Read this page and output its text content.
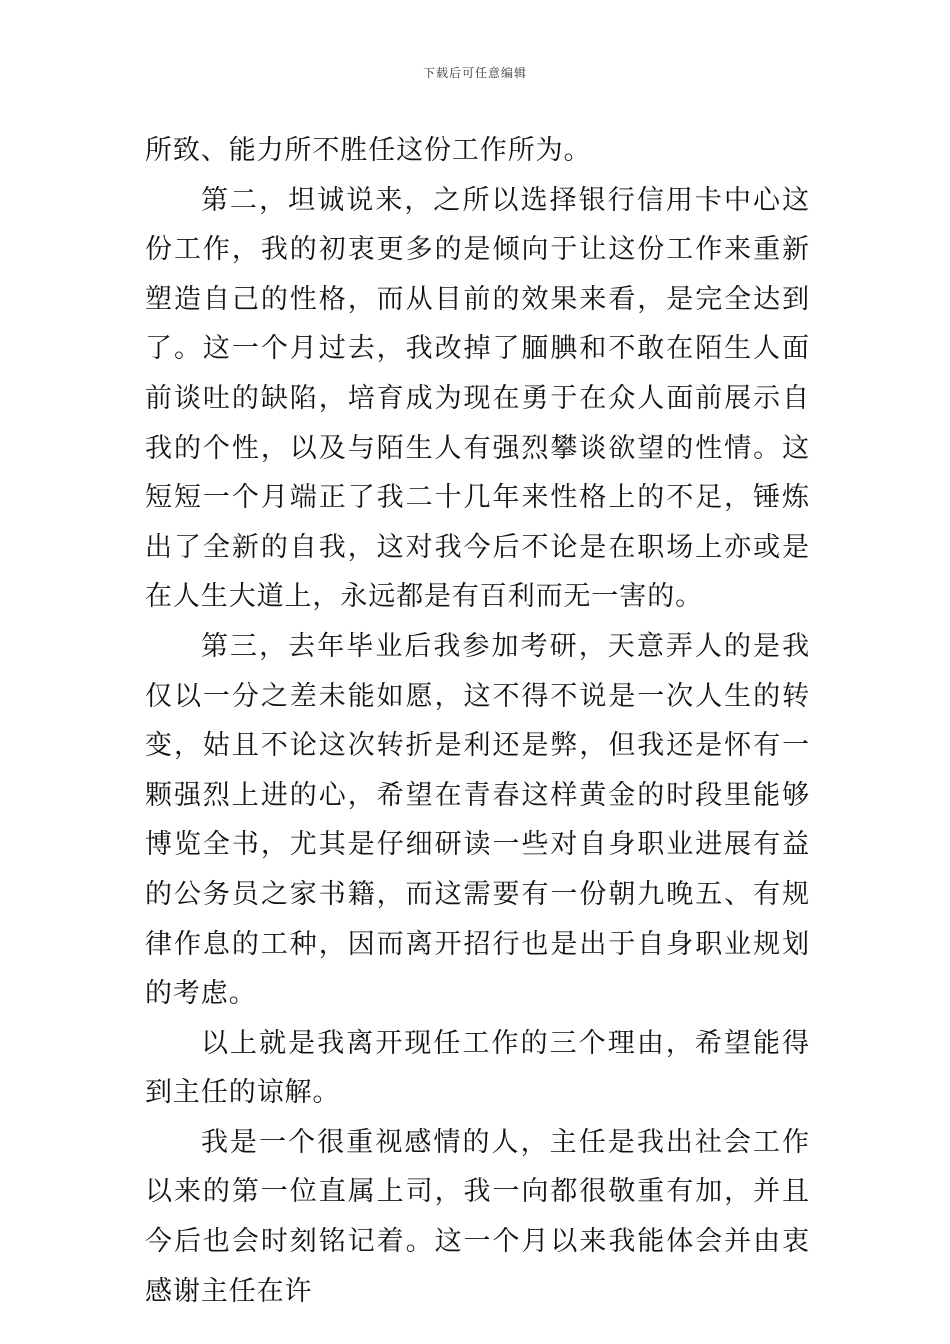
下载后可任意编辑

所致、能力所不胜任这份工作所为。

第二，坦诚说来，之所以选择银行信用卡中心这份工作，我的初衷更多的是倾向于让这份工作来重新塑造自己的性格，而从目前的效果来看，是完全达到了。这一个月过去，我改掉了腼腆和不敢在陌生人面前谈吐的缺陷，培育成为现在勇于在众人面前展示自我的个性，以及与陌生人有强烈攀谈欲望的性情。这短短一个月端正了我二十几年来性格上的不足，锤炼出了全新的自我，这对我今后不论是在职场上亦或是在人生大道上，永远都是有百利而无一害的。

第三，去年毕业后我参加考研，天意弄人的是我仅以一分之差未能如愿，这不得不说是一次人生的转变，姑且不论这次转折是利还是弊，但我还是怀有一颗强烈上进的心，希望在青春这样黄金的时段里能够博览全书，尤其是仔细研读一些对自身职业进展有益的公务员之家书籍，而这需要有一份朝九晚五、有规律作息的工种，因而离开招行也是出于自身职业规划的考虑。

以上就是我离开现任工作的三个理由，希望能得到主任的谅解。

我是一个很重视感情的人，主任是我出社会工作以来的第一位直属上司，我一向都很敬重有加，并且今后也会时刻铭记着。这一个月以来我能体会并由衷感谢主任在许
